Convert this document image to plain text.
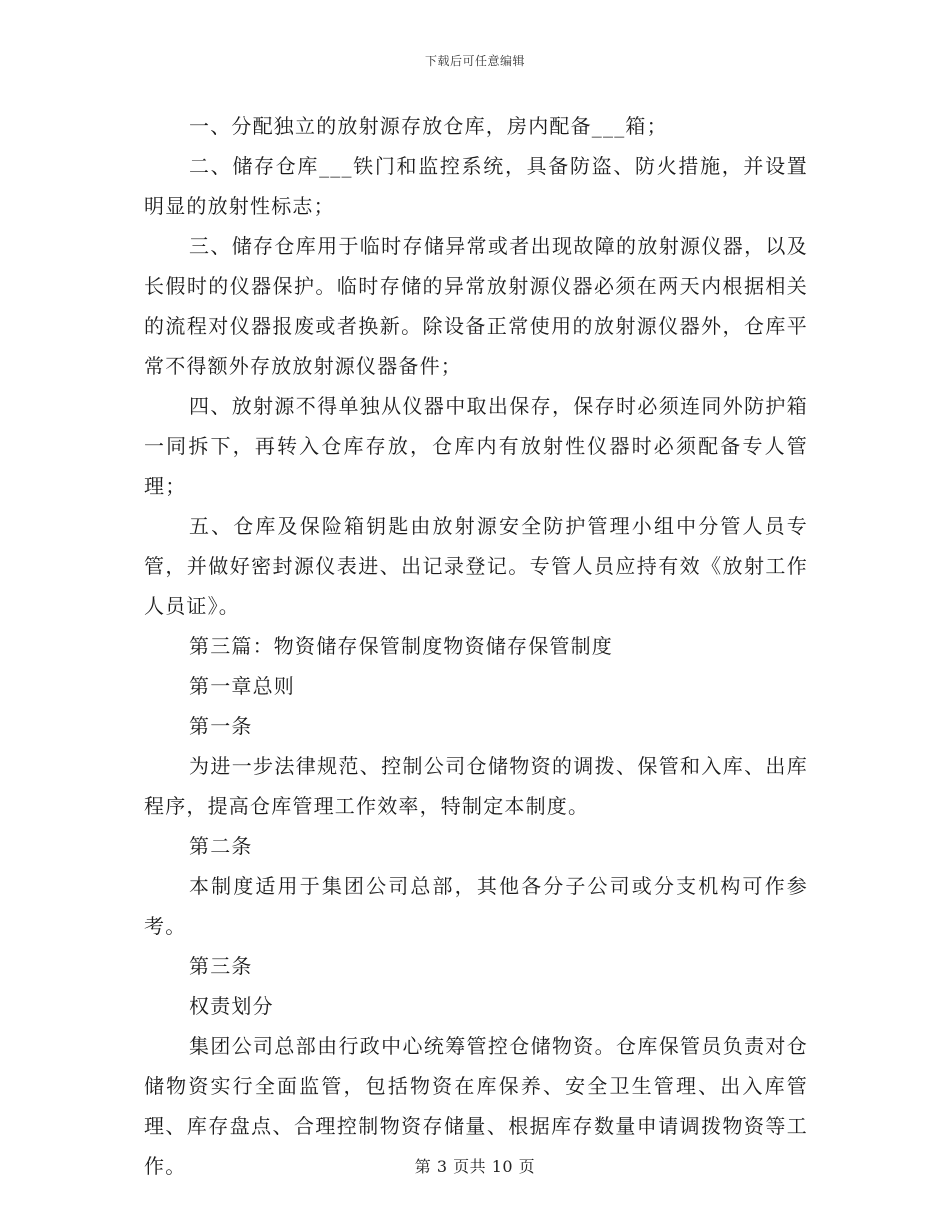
下载后可任意编辑

一、分配独立的放射源存放仓库，房内配备___箱；

二、储存仓库___铁门和监控系统，具备防盗、防火措施，并设置明显的放射性标志；

三、储存仓库用于临时存储异常或者出现故障的放射源仪器，以及长假时的仪器保护。临时存储的异常放射源仪器必须在两天内根据相关的流程对仪器报废或者换新。除设备正常使用的放射源仪器外，仓库平常不得额外存放放射源仪器备件；

四、放射源不得单独从仪器中取出保存，保存时必须连同外防护箱一同拆下，再转入仓库存放，仓库内有放射性仪器时必须配备专人管理；

五、仓库及保险箱钥匙由放射源安全防护管理小组中分管人员专管，并做好密封源仪表进、出记录登记。专管人员应持有效《放射工作人员证》。

第三篇：物资储存保管制度物资储存保管制度

第一章总则

第一条

为进一步法律规范、控制公司仓储物资的调拨、保管和入库、出库程序，提高仓库管理工作效率，特制定本制度。

第二条

本制度适用于集团公司总部，其他各分子公司或分支机构可作参考。

第三条

权责划分

集团公司总部由行政中心统筹管控仓储物资。仓库保管员负责对仓储物资实行全面监管，包括物资在库保养、安全卫生管理、出入库管理、库存盘点、合理控制物资存储量、根据库存数量申请调拨物资等工作。	第 3 页共 10 页
